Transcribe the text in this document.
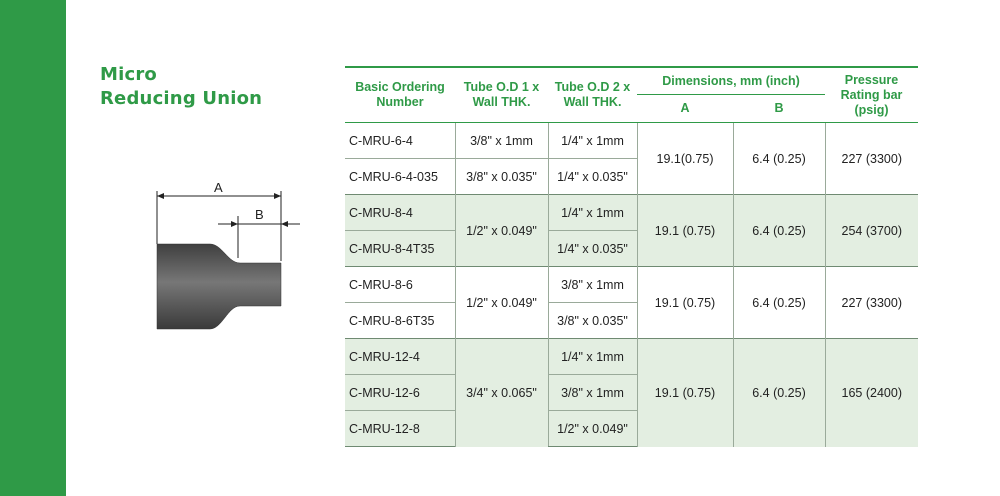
Micro
Reducing Union
A
B
Basic Ordering Number	Tube O.D 1 x Wall THK.	Tube O.D 2 x Wall THK.	Dimensions, mm (inch)		Pressure Rating bar (psig)
			A	B	
C-MRU-6-4	3/8" x 1mm	1/4" x 1mm	19.1(0.75)	6.4 (0.25)	227 (3300)
C-MRU-6-4-035	3/8" x 0.035"	1/4" x 0.035"			
C-MRU-8-4	1/2" x 0.049"	1/4" x 1mm	19.1 (0.75)	6.4 (0.25)	254 (3700)
C-MRU-8-4T35		1/4" x 0.035"			
C-MRU-8-6	1/2" x 0.049"	3/8" x 1mm	19.1 (0.75)	6.4 (0.25)	227 (3300)
C-MRU-8-6T35		3/8" x 0.035"			
C-MRU-12-4	3/4" x 0.065"	1/4" x 1mm	19.1 (0.75)	6.4 (0.25)	165 (2400)
C-MRU-12-6		3/8" x 1mm			
C-MRU-12-8		1/2" x 0.049"			
